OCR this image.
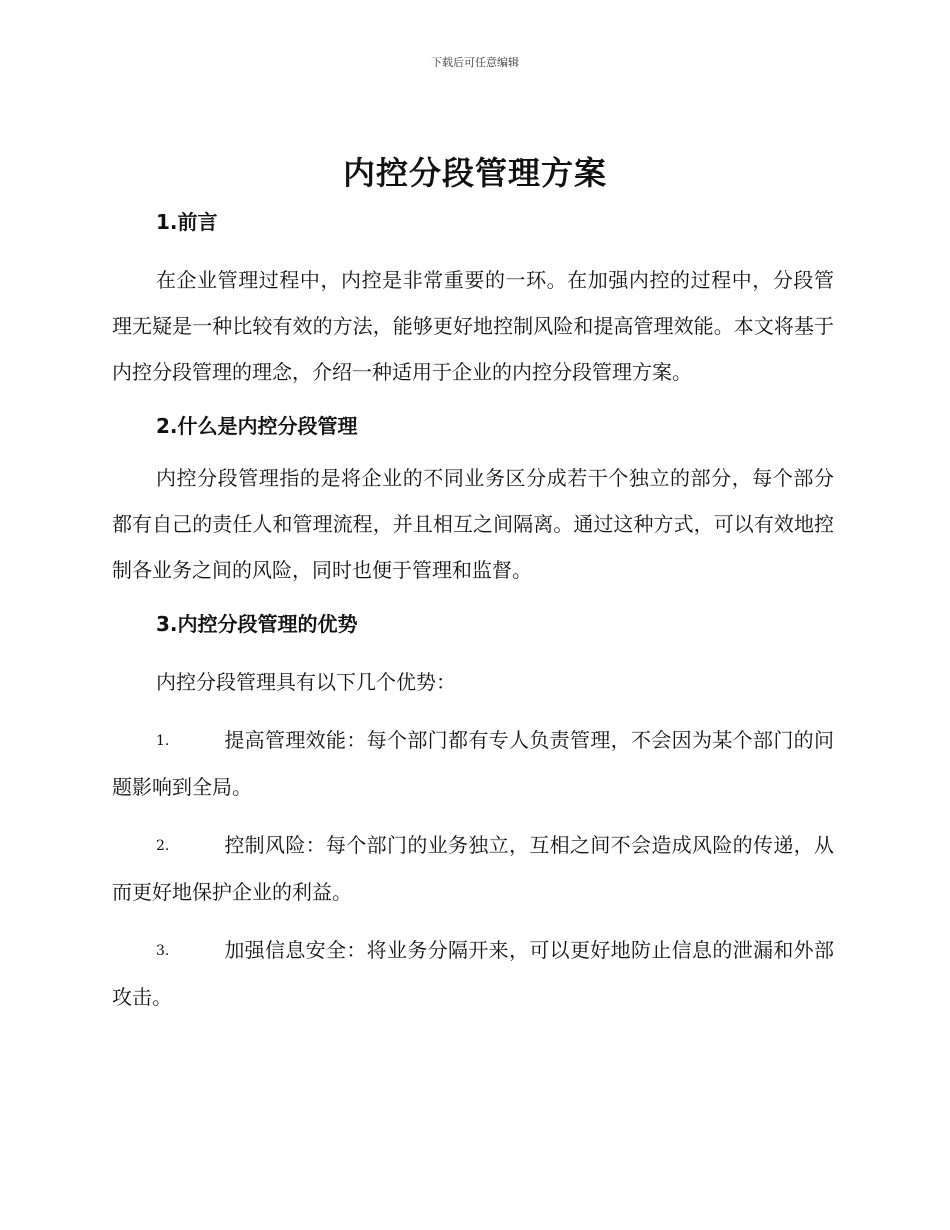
下载后可任意编辑
内控分段管理方案

1.前言

在企业管理过程中，内控是非常重要的一环。在加强内控的过程中，分段管理无疑是一种比较有效的方法，能够更好地控制风险和提高管理效能。本文将基于内控分段管理的理念，介绍一种适用于企业的内控分段管理方案。

2.什么是内控分段管理

内控分段管理指的是将企业的不同业务区分成若干个独立的部分，每个部分都有自己的责任人和管理流程，并且相互之间隔离。通过这种方式，可以有效地控制各业务之间的风险，同时也便于管理和监督。

3.内控分段管理的优势

内控分段管理具有以下几个优势：

1.	提高管理效能：每个部门都有专人负责管理，不会因为某个部门的问题影响到全局。

2.	控制风险：每个部门的业务独立，互相之间不会造成风险的传递，从而更好地保护企业的利益。

3.	加强信息安全：将业务分隔开来，可以更好地防止信息的泄漏和外部攻击。
